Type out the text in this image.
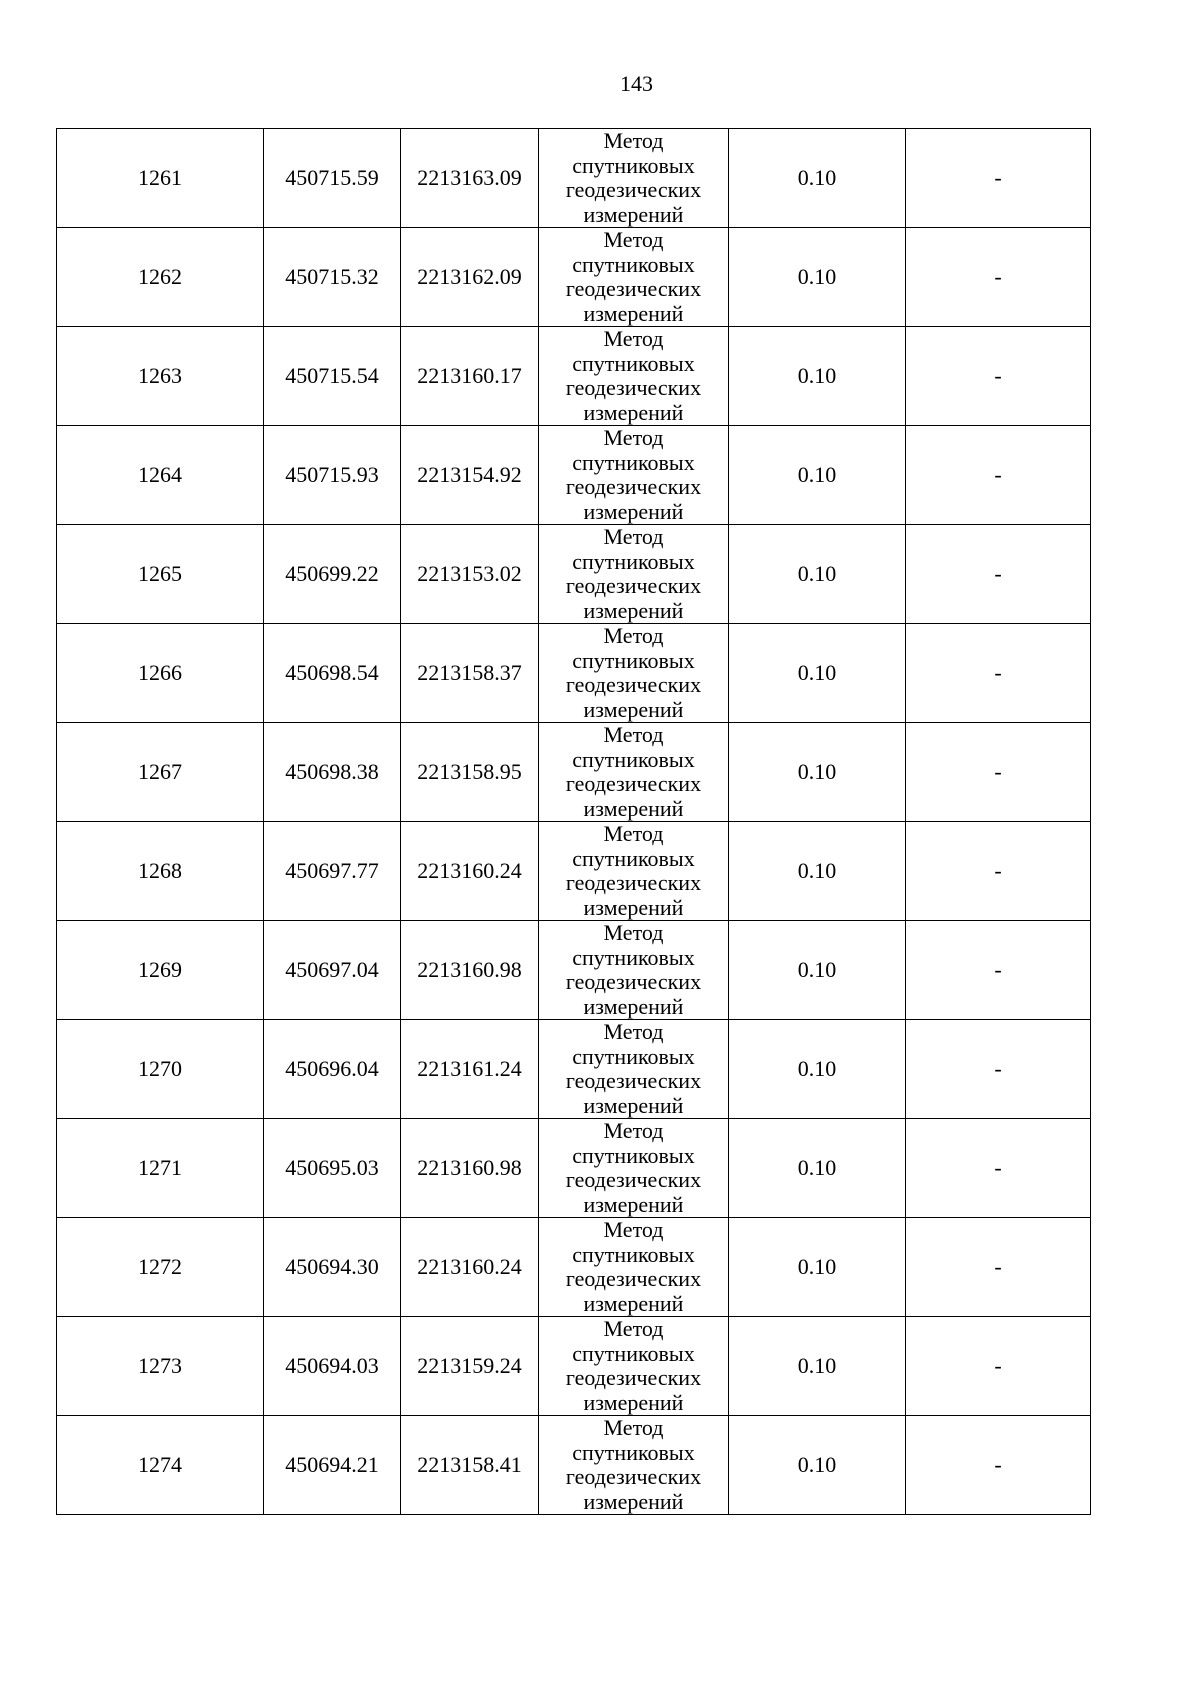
143
1261	450715.59	2213163.09	Метод
спутниковых
геодезических
измерений	0.10	-
1262	450715.32	2213162.09	Метод
спутниковых
геодезических
измерений	0.10	-
1263	450715.54	2213160.17	Метод
спутниковых
геодезических
измерений	0.10	-
1264	450715.93	2213154.92	Метод
спутниковых
геодезических
измерений	0.10	-
1265	450699.22	2213153.02	Метод
спутниковых
геодезических
измерений	0.10	-
1266	450698.54	2213158.37	Метод
спутниковых
геодезических
измерений	0.10	-
1267	450698.38	2213158.95	Метод
спутниковых
геодезических
измерений	0.10	-
1268	450697.77	2213160.24	Метод
спутниковых
геодезических
измерений	0.10	-
1269	450697.04	2213160.98	Метод
спутниковых
геодезических
измерений	0.10	-
1270	450696.04	2213161.24	Метод
спутниковых
геодезических
измерений	0.10	-
1271	450695.03	2213160.98	Метод
спутниковых
геодезических
измерений	0.10	-
1272	450694.30	2213160.24	Метод
спутниковых
геодезических
измерений	0.10	-
1273	450694.03	2213159.24	Метод
спутниковых
геодезических
измерений	0.10	-
1274	450694.21	2213158.41	Метод
спутниковых
геодезических
измерений	0.10	-
